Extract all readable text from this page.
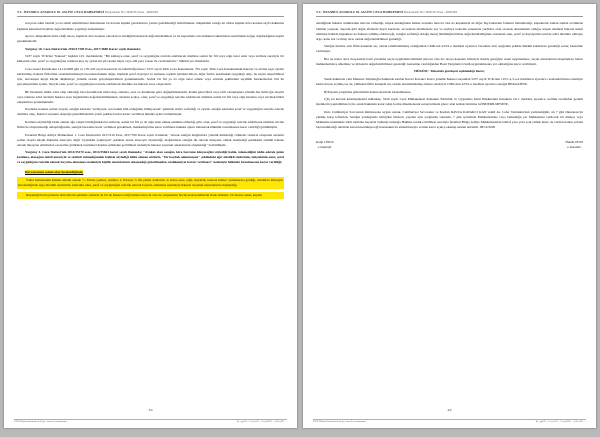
T.C. İSTANBUL ANADOLU 50. ASLİYE CEZA MAHKEMESİ Dosya-Karar No: 2020/351 Esas - 2020/504

sen para adını talebin ya da tahsil edilebilmesi düzenlenen bu davada kişinin gereklerince yerine getirilmediği belirtilmekle, müştekinin sanığa ait elbise kişinin dava konusu sayfa hakkında kişilerin kurumsal biçimde değerlendirme yapıldığı anlaşılmıştır.

Ayrıca, müştekinin iddia ettiği üzere, kişilerin dava konusu olarak ileri sürdüğü hususların değerlendirilmesi ve bu kapsamda ceza hukuku bakımından sorumluluk doğup doğmadığının tespiti gerekmektedir.

Yargıtay 18. Ceza Dairesi'nin 2016/17305 Esas, 2017/3688 Karar sayılı ilamında;

5237 sayılı TCK'nın "hakaret" başlıklı 125. maddesinde; "Bir kimseye onur, şeref ve saygınlığını rencide edebilecek nitelikte somut bir fiil veya olgu isnat eden veya sövmek suretiyle bir kimsenin onur, şeref ve saygınlığına saldıran kişi, üç aydan iki yıla kadar hapis veya adli para cezası ile cezalandırılır." hükmü yer almaktadır.

Ceza Genel Kurulu'nun 14.10.2008 gün ve 170-220 sayılı kararında da belirtildiği üzere; 5237 sayılı Türk Ceza Kanununda, 765 sayılı Türk Ceza Kanunundaki hakaret ve sövme suçu ayrımı kaldırılmış, hakaret fiillerinin cezalandırılmasıyla korunan hukuki değer, kişilerin şeref, haysiyet ve namusu, toplum içindeki itibarı, diğer fertler nezdindeki saygınlığı olup, bu suçun oluşabilmesi için, davranışın kişiyi küçük düşürmeye yönelik olarak gerçekleştirilmesi gerekmektedir. Somut bir fiil ya da olgu isnat etmek veya sövmek şeklindeki seçimlik hareketlerden biri ile gerçekleştirilen eylem, bireyin onur, şeref ve saygınlığını rencide edebilecek nitelikte ise hakaret suçu oluşacaktır.

Bir hareketin tahkir edici olup olmadığı bazı durumlarda nisbi olup, zamana, yere ve durumuna göre değişebilmektedir. Kamu görevlileri veya sivil vatandaşlara yönelik her türlü ağır eleştiri veya rahatsız edici sözlerin hakaret suçu bağlamında değerlendirilmemesi, sözlerin açıkça, onur, şeref ve saygınlığı rencide edebilecek nitelikte somut bir fiil veya olgu isnadını veya sövmek fiilini oluşturması gerekmektedir.

İnceleme konusu somut olayda; sanığın katılana "terbiyesiz, sen benim kim olduğumu bilmiyorsun" şeklinde sözler sarfettiği ve eylem, sanığın katılanın şeref ve saygınlığını rencide edecek nitelikte olup, hakaret suçunun oluştuğu gözetilmeksizin yazılı şekilde beraat kararı verilmesi hukuka aykırı bulunmuştur.

Katılana söylendiği iddia olunan ağır eleştiri niteliğindeki bu sözlerin, somut bir fiil ya da olgu isnat etmek şeklinde olmadığı gibi, onur, şeref ve saygınlığı rencide edebilecek nitelikte sövme fiilini de oluşturmadığı anlaşıldığından, sanığın beraatine karar verilmesi gerekirken, mahkumiyetine karar verilmesi hukuka aykırı bulunarak hükmün bozulmasına karar verildiği görülmüştür.

Erzurum Bölge Adliye Mahkemesi 1. Ceza Dairesi'nin 2017/410 Esas, 2017/760 Karar sayılı ilamında; "Ancak sanığın mağdurlara yönelik kullandığı cümleler sözlerin oluşturan sözlerin somut olayda küçük düşürme amacıyla değil "eyanıklık yapmayan" şeklinde ussalı amacıyla söylendiği, mağdurların sanığın ilk selerde muayene olmak istemediği şeklindeki sözünü bahane ederek muayene ettirmeden cezaevine götürmek istemeleri üzerine gündeme getirilmesi nedeniyle hakaret suçunun unsurlarının oluşmadığı" belirtilmiştir.

Yargıtay 4. Ceza Dairesi'nin 2014/35170 esas, 2014/35664 karar sayılı ilamında; "Avukat olan sanığın, kira borcunu ödeyeceğini söylediği halde, ödemediğini iddia ederek gelen katılana, alacağını tahsil amacıyla ve sözünü tutmadığından bahisle söylediği iddia olunan sözlerin, "bir kaydak adammışsın" şeklindeki ağır nitelikli sözlerinin, müştekinin onur, şeref ve saygınlığını rencide edecek boyutta olmaması nedeniyle kişilik unsurlarının oluşmadığı gözetilmeden, mahkumiyet kararı verilmesi" nedeniyle hükmün bozulmasına karar verildiği;

Dava konusu somut olay incelendiğinde;

Valler kelimesinin kelime anlamı olarak "1. Yerine yetmez, sunmet. 2. Parasız. 3. İki yüzlü, dalkavuk. 4. Kaba saba, yiğit, ikiyüzlü, tutarsız kimse" anlamlarına geldiği, anlamları itibariyle incelendiğinde argo nitelikli sözlerinin, katılanın onur, şeref ve saygınlığını rencide edecek boyutta olmaması nedeniyle hakaret suçunun unsurlarının oluşmadığı,

Köpekliği havlayanların delil dilerin şeklinde sözlerin de bir de hakaret ettiği iddiası mevcut olsa da, köpeklerin havlayarak kendilerini ifade ettikleri, bir insana aslan, kaplan

3/4
UYAP Bilişim Sisteminde bu belge e-imza ile imzalanmıştır.	Bj+qgOD - LAg7aJX - VwpXbID - qJZnsEU=..
T.C. İSTANBUL ANADOLU 50. ASLİYE CEZA MAHKEMESİ Dosya-Karar No: 2020/351 Esas - 2020/504

dendiğinde hakaret uldıklarının mevcut olmadığı, köpek uluduğunun halkın arasında mevcut olsa da köpeklerin de diğer hayvanlardan farkının bulunmadığı, köpeklerin zaman zaman evrimizde bizimle yaşayan, deprem gibi doğal afetlerde hayat kurtaran, savaşlarda muddelerde suç ve suçluyu tedavide esnasında yardımcı olan severek desteklenen olduğu, köpek denmesi hakaret kabul edilmesi halinde köpeklere de hakaret edilmiş olabileceği, sanığın sarfettiği olduğu mesaj bütünlüğü birlikte değerlendirildiğinde, katılanın onur, şeref ve haysiyetini rencide edici nitelikte olmayıp argo, kaba söz ve hitap tarzı olarak değerlendirilmesi gerektiği,

Sanığın üzerine atılı fiilin kanunda suç olarak tanımlanmamış olduğundan CMK.nın 223/2-a maddesi uyarınca beraatine dair aşağıdaki şekilde hüküm kurulması gerektiği sonuç kanaatine varılmıştır.

Her ne kadar dava dosyasında basit yaralama suçlu uygulanma ihtimali mevcut olsa da; dosya kapsamı itibariyle madde gereğiyle resen uygulanması, suçun unsurlarının oluşmaması bizzat mahkememizce uhtemine ve iddolerin değerlendirilmesi gerektiği; kanaatine varıldığından Basit Yargılama Usulü uygulanmasına yer olmadığına karar verilmiştir.

HÜKÜM : Yukarıda gerekçesi açıklandığı üzere;

Sanık hakkında vaki Mensure Sürümoğlu hakkında katılan Ravza Kavakcı Kan'a yönelik hakaret suçundan 5237 sayılı TCK.nun 125/1,2,3-a-4 maddeleri uyarınca cezalandırılması istemiyle kamu davası açılmış ise de, yüklenen fiilin kanunda suç olarak tanımlanmamış olması sebebiyle CMK.nun 223/2-a maddesi uyarınca sanığın BERAATİNE,

B)Yapılan yargılama giderlerinin hazine üzerinde bırakılmasına,

C)İş bu kararın kesinleşmesini müteakip, 5320 sayılı Ceza Muhakemesi Kanunun Yürürlük ve Uygulama Şekli Hakkındaki Kanunun 16/1. maddesi uyarınca, kollluk tarafından gerekli işlemlerin yapılabilmesi için, sanık hakkında karar takip formu düzenlenerek sonuçturmada görev alan kolluk birimine GÖNDERİLMESİNE,

Dair, Cumhuriyet Savcısının mütalaasına uygun olarak, Cumhuriyet Savcısının ve Katılan RAVZA KAVAKCI KAN vekili Av. Cafer Tanrıkulu'nun yeriklediğidir, ön 7 gün Okutanası'yn yüzüne karşı leflerden, Sanığın yokluğunda tebliğden itibaren, yapılan açık yargılama sonunda, 7 gün içerisinde Mahkememize veya bulunduğu yer Mahkemesi verilecek bir dilekçe veya Mahkeme kaleminde zabit katibine beyanda bulunup tutanağa Hakime tasdik ettirilmesi suretiyle İstanbul Bölge Adliye Mahkemesinde istinaf yasa yolu açık olmak üzere de verilen kanun yoluna başvurulmadığı takdirde kararın kesinleşeceği hususunun da anlatılmasıyla verilen karar açıkça okunup usulen anlatıldı. 08/12/2020

Katip 139520
e-imzalıdır
Hakim 93518
e-imzalıdır
4/4
UYAP Bilişim Sisteminde bu belge e-imza ile imzalanmıştır.	Bj+qgOD - LAg7aJX - VwpXbID - qJZnsEU=..
